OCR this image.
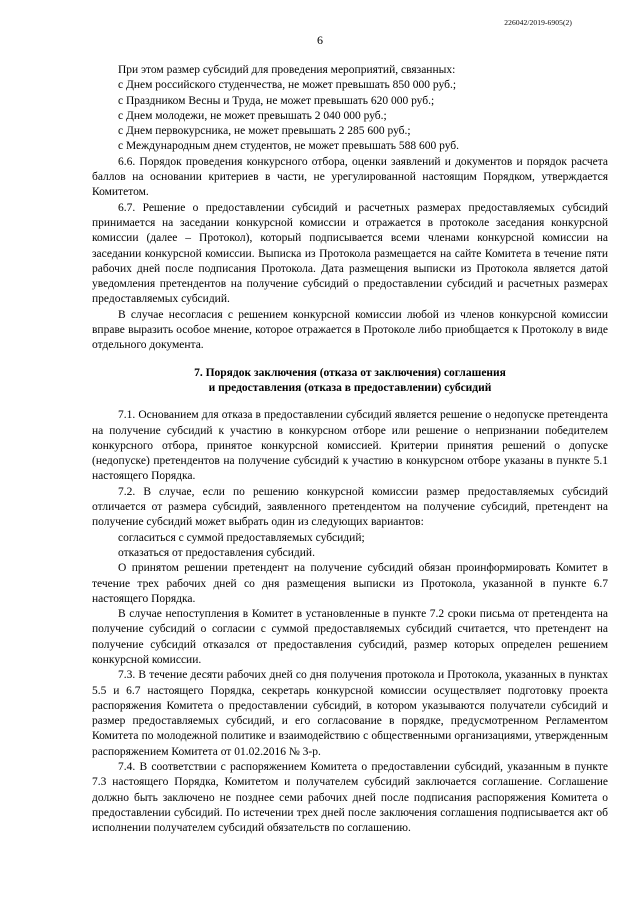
226042/2019-6905(2)
6

При этом размер субсидий для проведения мероприятий, связанных:

с Днем российского студенчества, не может превышать 850 000 руб.;

с Праздником Весны и Труда, не может превышать 620 000 руб.;

с Днем молодежи, не может превышать 2 040 000 руб.;

с Днем первокурсника, не может превышать 2 285 600 руб.;

с Международным днем студентов, не может превышать 588 600 руб.

6.6. Порядок проведения конкурсного отбора, оценки заявлений и документов и порядок расчета баллов на основании критериев в части, не урегулированной настоящим Порядком, утверждается Комитетом.

6.7. Решение о предоставлении субсидий и расчетных размерах предоставляемых субсидий принимается на заседании конкурсной комиссии и отражается в протоколе заседания конкурсной комиссии (далее – Протокол), который подписывается всеми членами конкурсной комиссии на заседании конкурсной комиссии. Выписка из Протокола размещается на сайте Комитета в течение пяти рабочих дней после подписания Протокола. Дата размещения выписки из Протокола является датой уведомления претендентов на получение субсидий о предоставлении субсидий и расчетных размерах предоставляемых субсидий.

В случае несогласия с решением конкурсной комиссии любой из членов конкурсной комиссии вправе выразить особое мнение, которое отражается в Протоколе либо приобщается к Протоколу в виде отдельного документа.

7. Порядок заключения (отказа от заключения) соглашения
и предоставления (отказа в предоставлении) субсидий

7.1. Основанием для отказа в предоставлении субсидий является решение о недопуске претендента на получение субсидий к участию в конкурсном отборе или решение о непризнании победителем конкурсного отбора, принятое конкурсной комиссией. Критерии принятия решений о допуске (недопуске) претендентов на получение субсидий к участию в конкурсном отборе указаны в пункте 5.1 настоящего Порядка.

7.2. В случае, если по решению конкурсной комиссии размер предоставляемых субсидий отличается от размера субсидий, заявленного претендентом на получение субсидий, претендент на получение субсидий может выбрать один из следующих вариантов:

согласиться с суммой предоставляемых субсидий;

отказаться от предоставления субсидий.

О принятом решении претендент на получение субсидий обязан проинформировать Комитет в течение трех рабочих дней со дня размещения выписки из Протокола, указанной в пункте 6.7 настоящего Порядка.

В случае непоступления в Комитет в установленные в пункте 7.2 сроки письма от претендента на получение субсидий о согласии с суммой предоставляемых субсидий считается, что претендент на получение субсидий отказался от предоставления субсидий, размер которых определен решением конкурсной комиссии.

7.3. В течение десяти рабочих дней со дня получения протокола и Протокола, указанных в пунктах 5.5 и 6.7 настоящего Порядка, секретарь конкурсной комиссии осуществляет подготовку проекта распоряжения Комитета о предоставлении субсидий, в котором указываются получатели субсидий и размер предоставляемых субсидий, и его согласование в порядке, предусмотренном Регламентом Комитета по молодежной политике и взаимодействию с общественными организациями, утвержденным распоряжением Комитета от 01.02.2016 № 3-р.

7.4. В соответствии с распоряжением Комитета о предоставлении субсидий, указанным в пункте 7.3 настоящего Порядка, Комитетом и получателем субсидий заключается соглашение. Соглашение должно быть заключено не позднее семи рабочих дней после подписания распоряжения Комитета о предоставлении субсидий. По истечении трех дней после заключения соглашения подписывается акт об исполнении получателем субсидий обязательств по соглашению.
